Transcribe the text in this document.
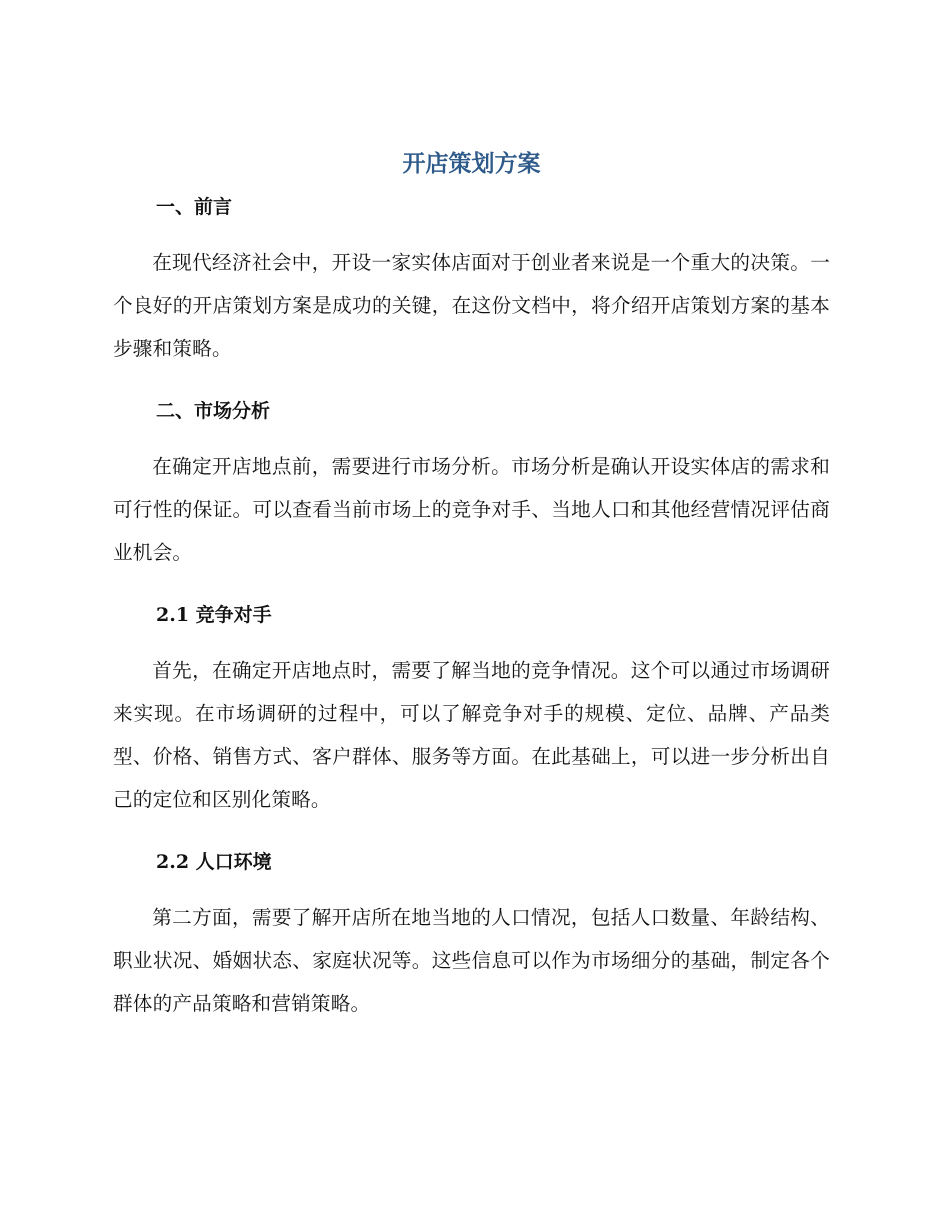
开店策划方案
一、前言

在现代经济社会中，开设一家实体店面对于创业者来说是一个重大的决策。一个良好的开店策划方案是成功的关键，在这份文档中，将介绍开店策划方案的基本步骤和策略。

二、市场分析

在确定开店地点前，需要进行市场分析。市场分析是确认开设实体店的需求和可行性的保证。可以查看当前市场上的竞争对手、当地人口和其他经营情况评估商业机会。

2.1 竞争对手

首先，在确定开店地点时，需要了解当地的竞争情况。这个可以通过市场调研来实现。在市场调研的过程中，可以了解竞争对手的规模、定位、品牌、产品类型、价格、销售方式、客户群体、服务等方面。在此基础上，可以进一步分析出自己的定位和区别化策略。

2.2 人口环境

第二方面，需要了解开店所在地当地的人口情况，包括人口数量、年龄结构、职业状况、婚姻状态、家庭状况等。这些信息可以作为市场细分的基础，制定各个群体的产品策略和营销策略。
